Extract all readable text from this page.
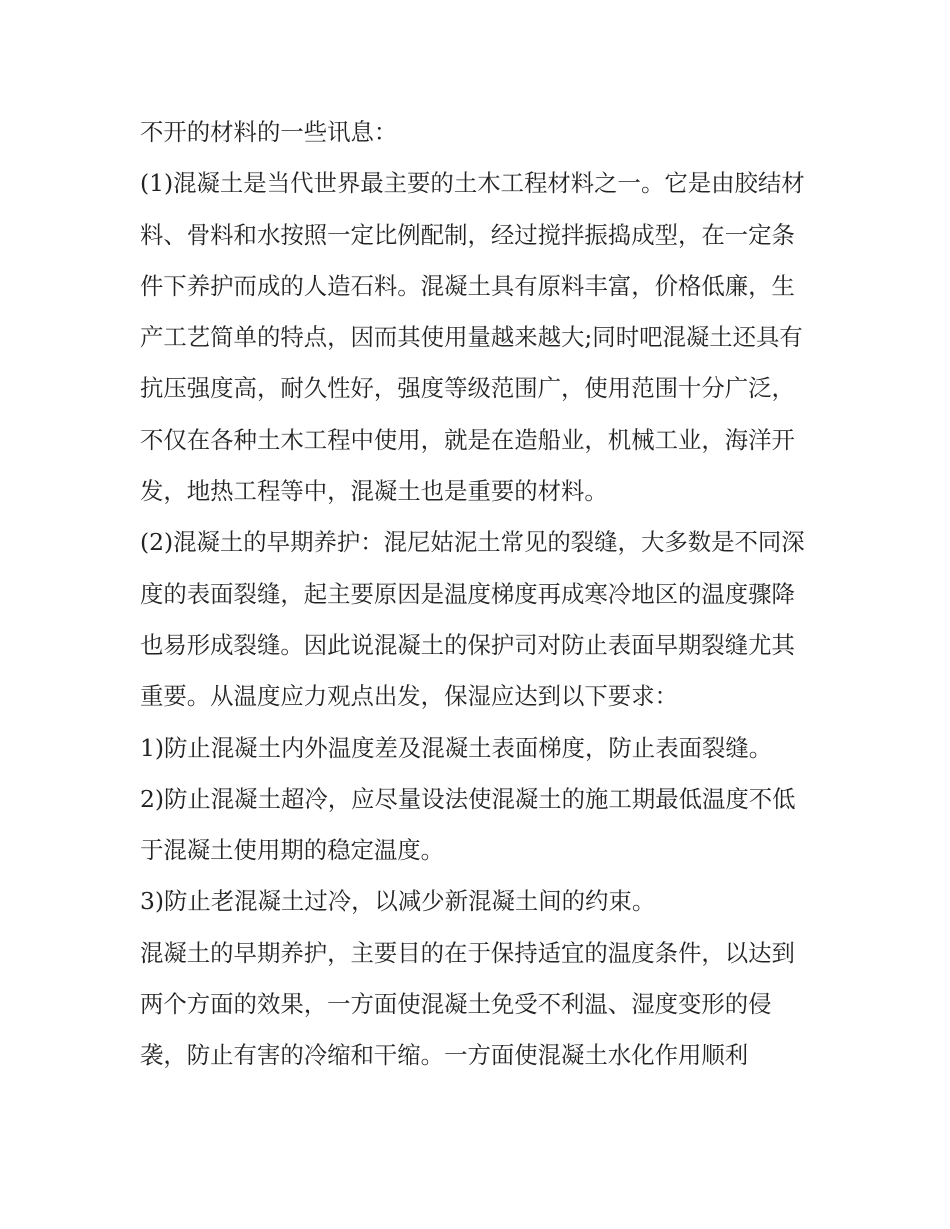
不开的材料的一些讯息：

(1)混凝土是当代世界最主要的土木工程材料之一。它是由胶结材料、骨料和水按照一定比例配制，经过搅拌振捣成型，在一定条件下养护而成的人造石料。混凝土具有原料丰富，价格低廉，生产工艺简单的特点，因而其使用量越来越大;同时吧混凝土还具有抗压强度高，耐久性好，强度等级范围广，使用范围十分广泛，不仅在各种土木工程中使用，就是在造船业，机械工业，海洋开发，地热工程等中，混凝土也是重要的材料。

(2)混凝土的早期养护：混尼姑泥土常见的裂缝，大多数是不同深度的表面裂缝，起主要原因是温度梯度再成寒冷地区的温度骤降也易形成裂缝。因此说混凝土的保护司对防止表面早期裂缝尤其重要。从温度应力观点出发，保湿应达到以下要求：

1)防止混凝土内外温度差及混凝土表面梯度，防止表面裂缝。

2)防止混凝土超冷，应尽量设法使混凝土的施工期最低温度不低于混凝土使用期的稳定温度。

3)防止老混凝土过冷，以减少新混凝土间的约束。

混凝土的早期养护，主要目的在于保持适宜的温度条件，以达到两个方面的效果，一方面使混凝土免受不利温、湿度变形的侵袭，防止有害的冷缩和干缩。一方面使混凝土水化作用顺利
